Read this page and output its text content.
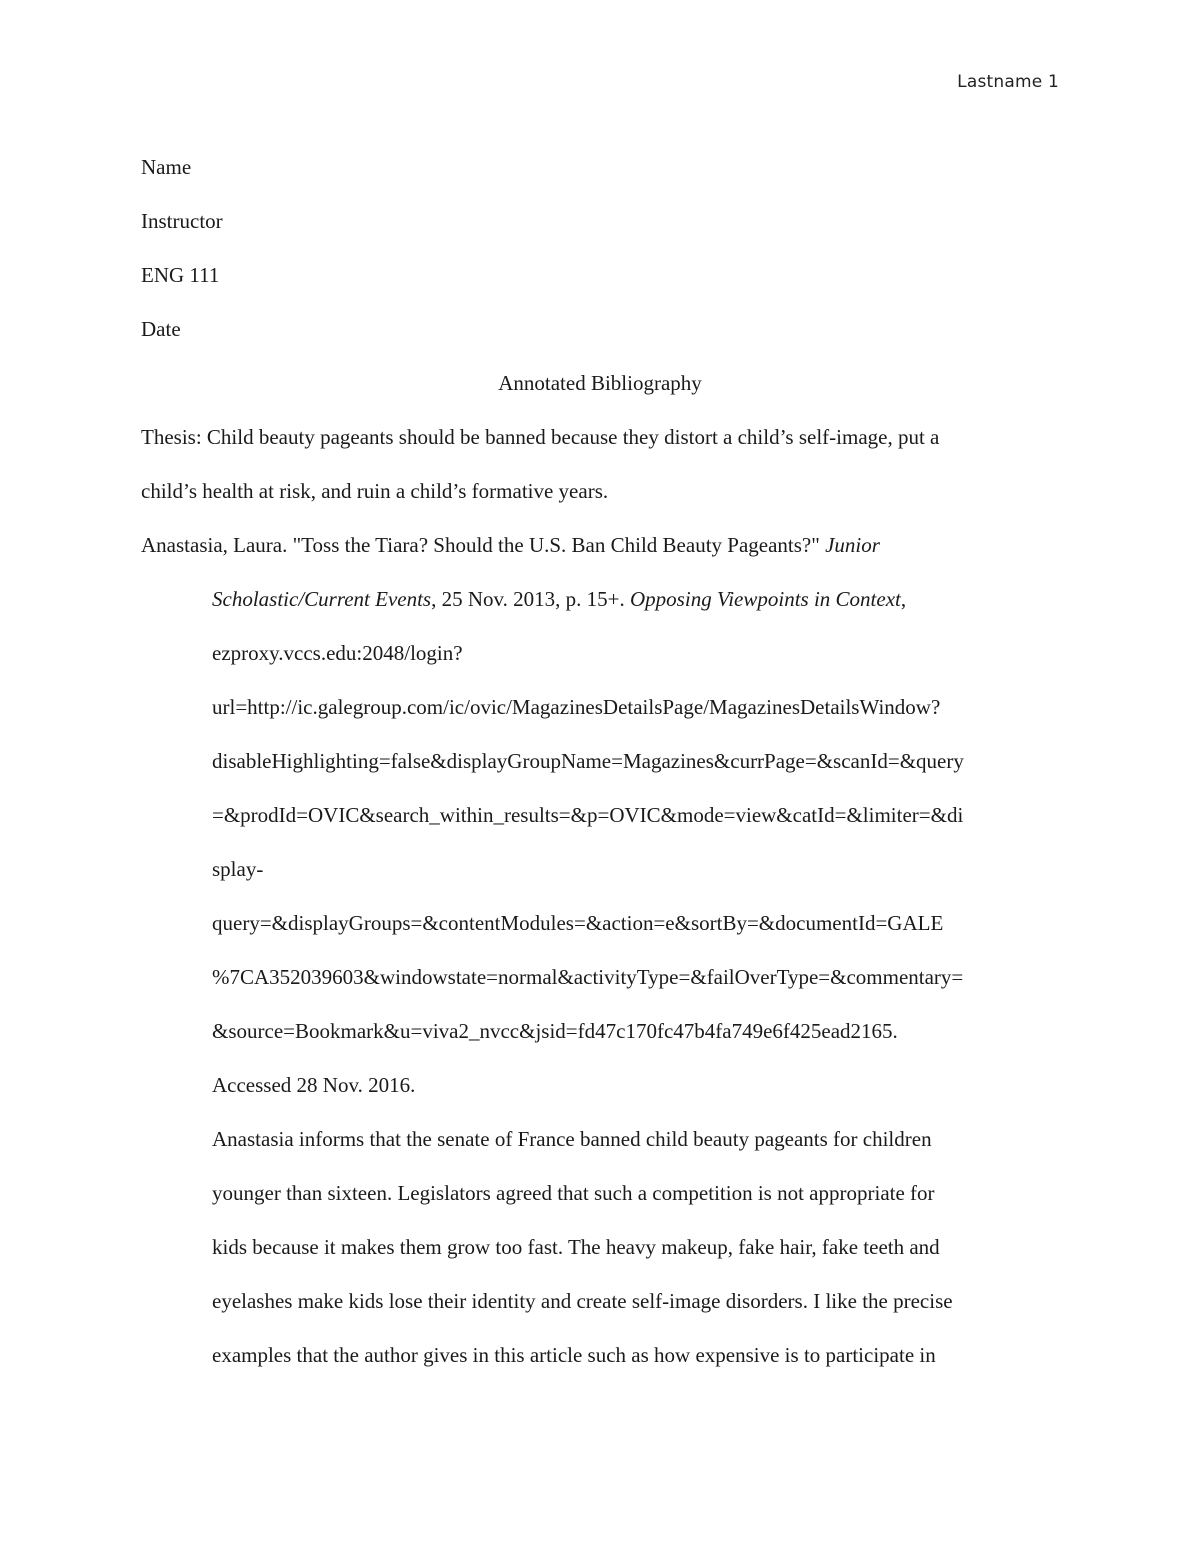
Lastname 1
Name
Instructor
ENG 111
Date
Annotated Bibliography
Thesis: Child beauty pageants should be banned because they distort a child’s self-image, put a
child’s health at risk, and ruin a child’s formative years.
Anastasia, Laura. "Toss the Tiara? Should the U.S. Ban Child Beauty Pageants?" Junior
Scholastic/Current Events, 25 Nov. 2013, p. 15+. Opposing Viewpoints in Context,
ezproxy.vccs.edu:2048/login?
url=http://ic.galegroup.com/ic/ovic/MagazinesDetailsPage/MagazinesDetailsWindow?
disableHighlighting=false&displayGroupName=Magazines&currPage=&scanId=&query
=&prodId=OVIC&search_within_results=&p=OVIC&mode=view&catId=&limiter=&di
splay-
query=&displayGroups=&contentModules=&action=e&sortBy=&documentId=GALE
%7CA352039603&windowstate=normal&activityType=&failOverType=&commentary=
&source=Bookmark&u=viva2_nvcc&jsid=fd47c170fc47b4fa749e6f425ead2165.
Accessed 28 Nov. 2016.
Anastasia informs that the senate of France banned child beauty pageants for children
younger than sixteen. Legislators agreed that such a competition is not appropriate for
kids because it makes them grow too fast. The heavy makeup, fake hair, fake teeth and
eyelashes make kids lose their identity and create self-image disorders. I like the precise
examples that the author gives in this article such as how expensive is to participate in
